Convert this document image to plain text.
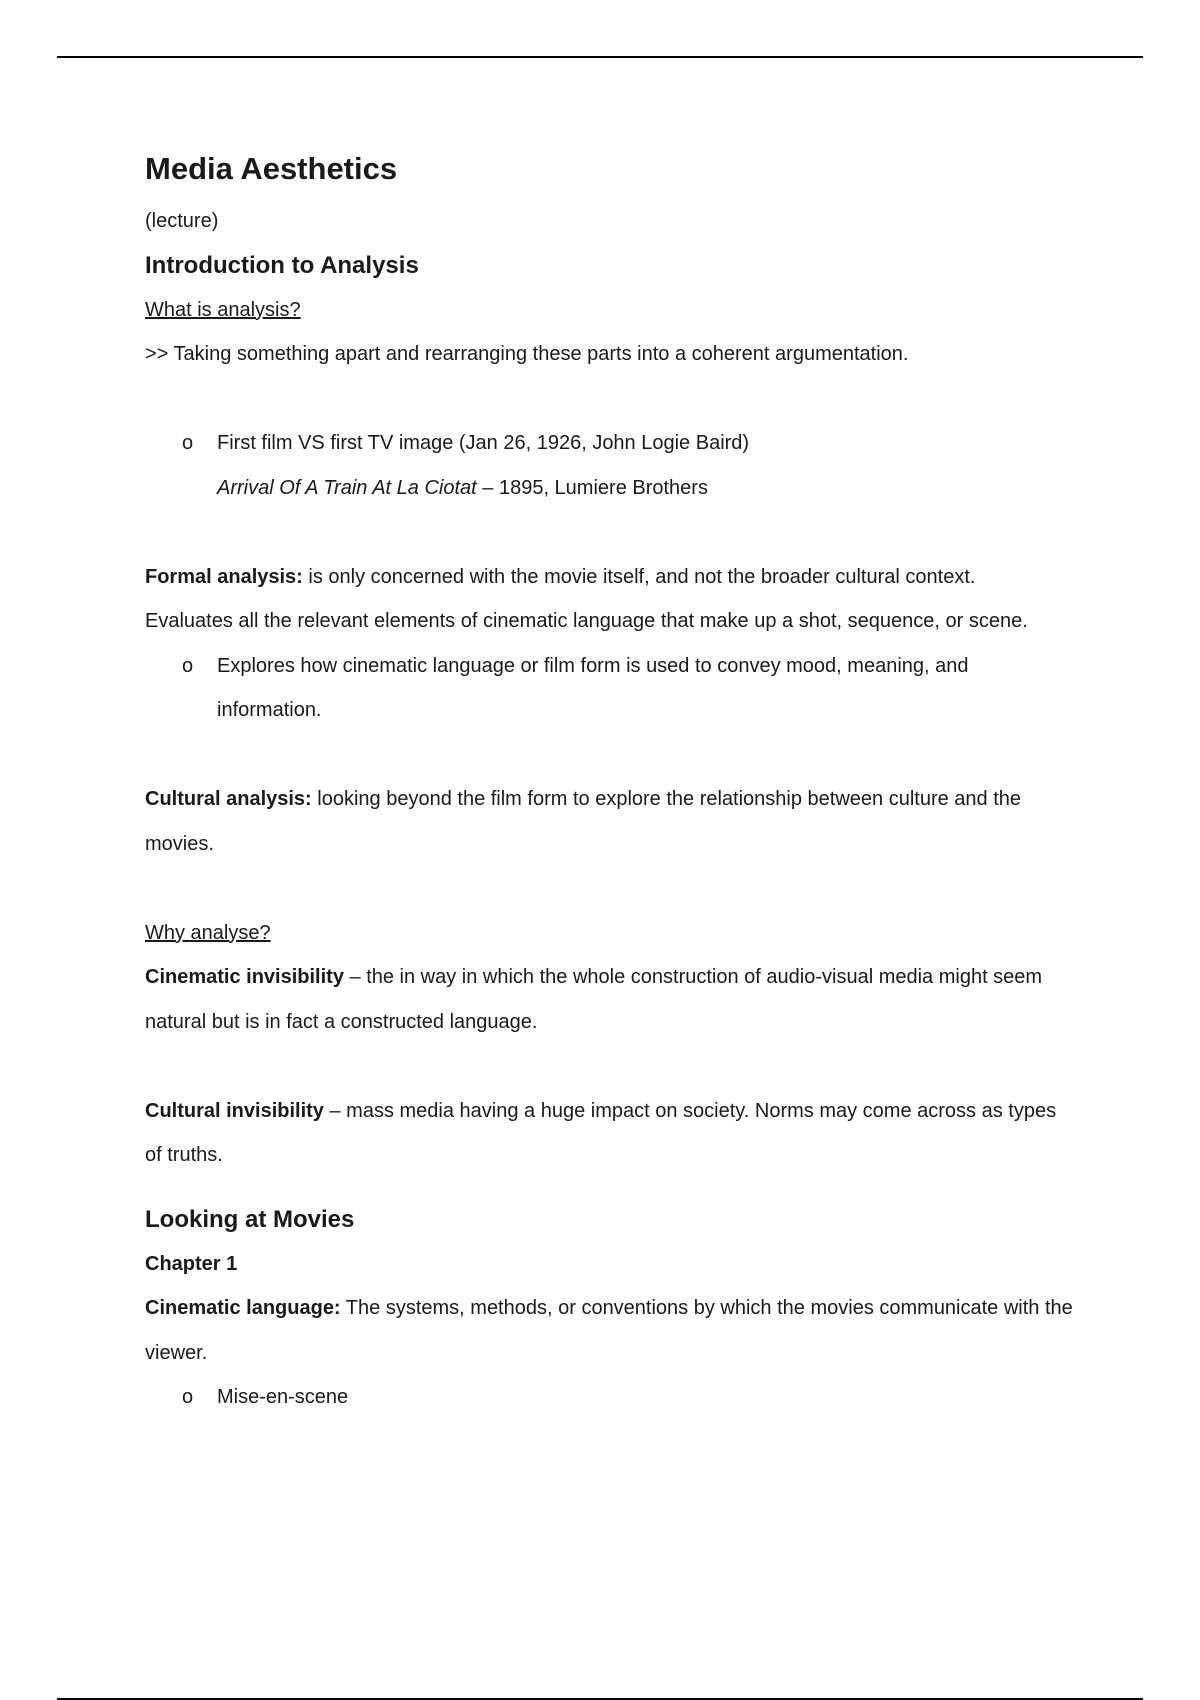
Media Aesthetics

(lecture)

Introduction to Analysis

What is analysis?

>> Taking something apart and rearranging these parts into a coherent argumentation.

o	First film VS first TV image (Jan 26, 1926, John Logie Baird)

Arrival Of A Train At La Ciotat – 1895, Lumiere Brothers

Formal analysis: is only concerned with the movie itself, and not the broader cultural context.

Evaluates all the relevant elements of cinematic language that make up a shot, sequence, or scene.

o	Explores how cinematic language or film form is used to convey mood, meaning, and information.

Cultural analysis: looking beyond the film form to explore the relationship between culture and the movies.

Why analyse?

Cinematic invisibility – the in way in which the whole construction of audio-visual media might seem natural but is in fact a constructed language.

Cultural invisibility – mass media having a huge impact on society. Norms may come across as types of truths.

Looking at Movies
Chapter 1

Cinematic language: The systems, methods, or conventions by which the movies communicate with the viewer.

o	Mise-en-scene
